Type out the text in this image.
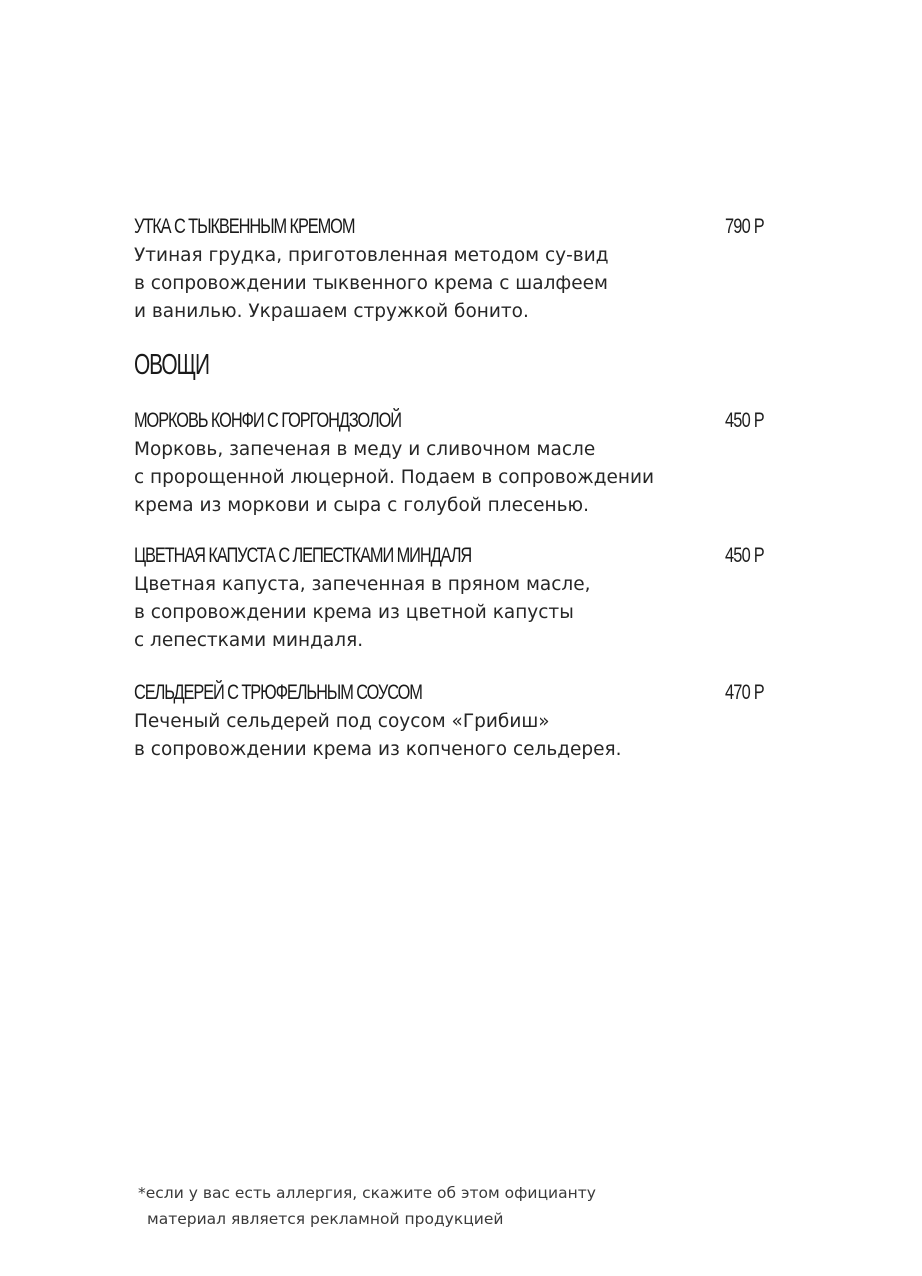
УТКА С ТЫКВЕННЫМ КРЕМОМ	790 Р
Утиная грудка, приготовленная методом су-вид
в сопровождении тыквенного крема с шалфеем
и ванилью. Украшаем стружкой бонито.
ОВОЩИ
МОРКОВЬ КОНФИ С ГОРГОНДЗОЛОЙ	450 Р
Морковь, запеченая в меду и сливочном масле
с пророщенной люцерной. Подаем в сопровождении
крема из моркови и сыра с голубой плесенью.
ЦВЕТНАЯ КАПУСТА С ЛЕПЕСТКАМИ МИНДАЛЯ	450 Р
Цветная капуста, запеченная в пряном масле,
в сопровождении крема из цветной капусты
с лепестками миндаля.
СЕЛЬДЕРЕЙ С ТРЮФЕЛЬНЫМ СОУСОМ	470 Р
Печеный сельдерей под соусом «Грибиш»
в сопровождении крема из копченого сельдерея.
*если у вас есть аллергия, скажите об этом официанту
материал является рекламной продукцией
